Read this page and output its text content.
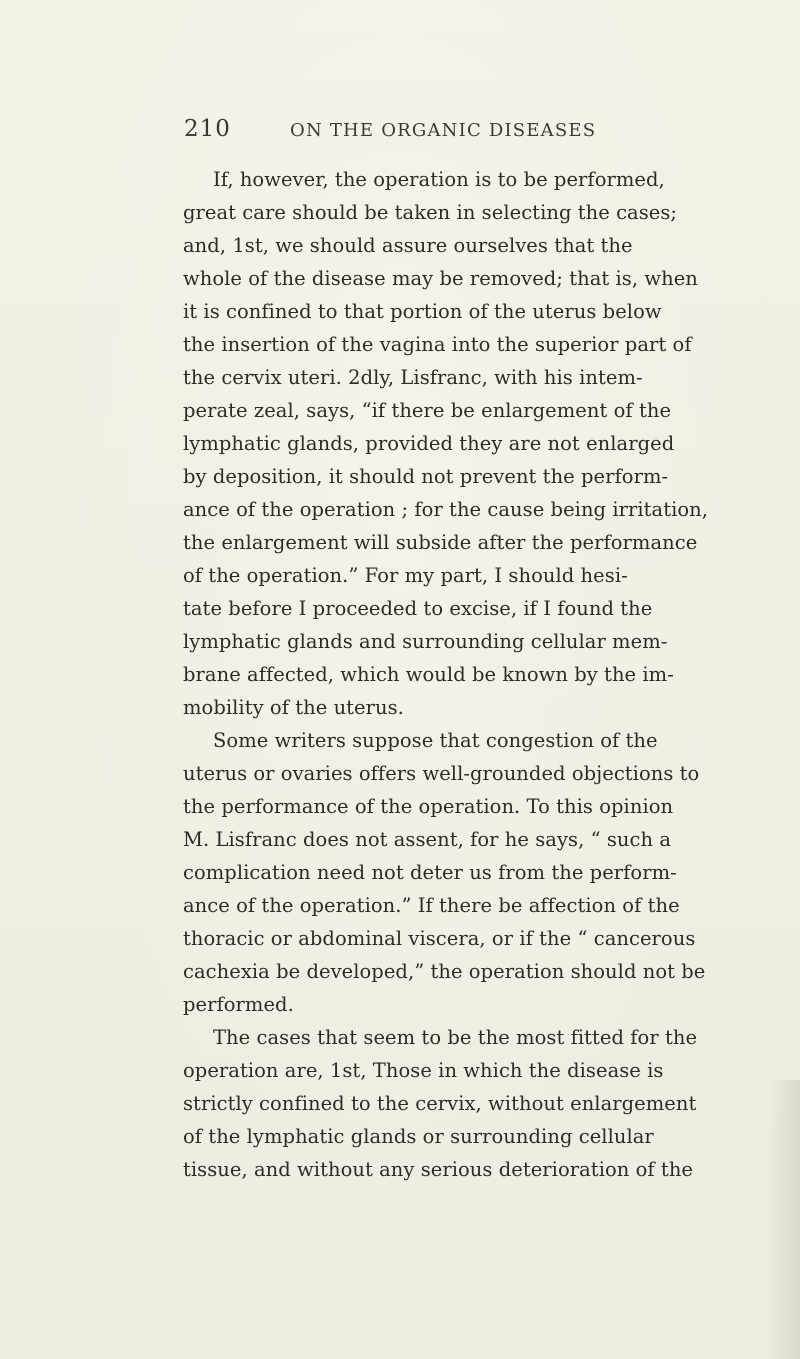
210	ON THE ORGANIC DISEASES
If, however, the operation is to be performed,
great care should be taken in selecting the cases;
and, 1st, we should assure ourselves that the
whole of the disease may be removed; that is, when
it is confined to that portion of the uterus below
the insertion of the vagina into the superior part of
the cervix uteri. 2dly, Lisfranc, with his intem-
perate zeal, says, “if there be enlargement of the
lymphatic glands, provided they are not enlarged
by deposition, it should not prevent the perform-
ance of the operation ; for the cause being irritation,
the enlargement will subside after the performance
of the operation.” For my part, I should hesi-
tate before I proceeded to excise, if I found the
lymphatic glands and surrounding cellular mem-
brane affected, which would be known by the im-
mobility of the uterus.
Some writers suppose that congestion of the
uterus or ovaries offers well-grounded objections to
the performance of the operation. To this opinion
M. Lisfranc does not assent, for he says, “ such a
complication need not deter us from the perform-
ance of the operation.” If there be affection of the
thoracic or abdominal viscera, or if the “ cancerous
cachexia be developed,” the operation should not be
performed.
The cases that seem to be the most fitted for the
operation are, 1st, Those in which the disease is
strictly confined to the cervix, without enlargement
of the lymphatic glands or surrounding cellular
tissue, and without any serious deterioration of the
